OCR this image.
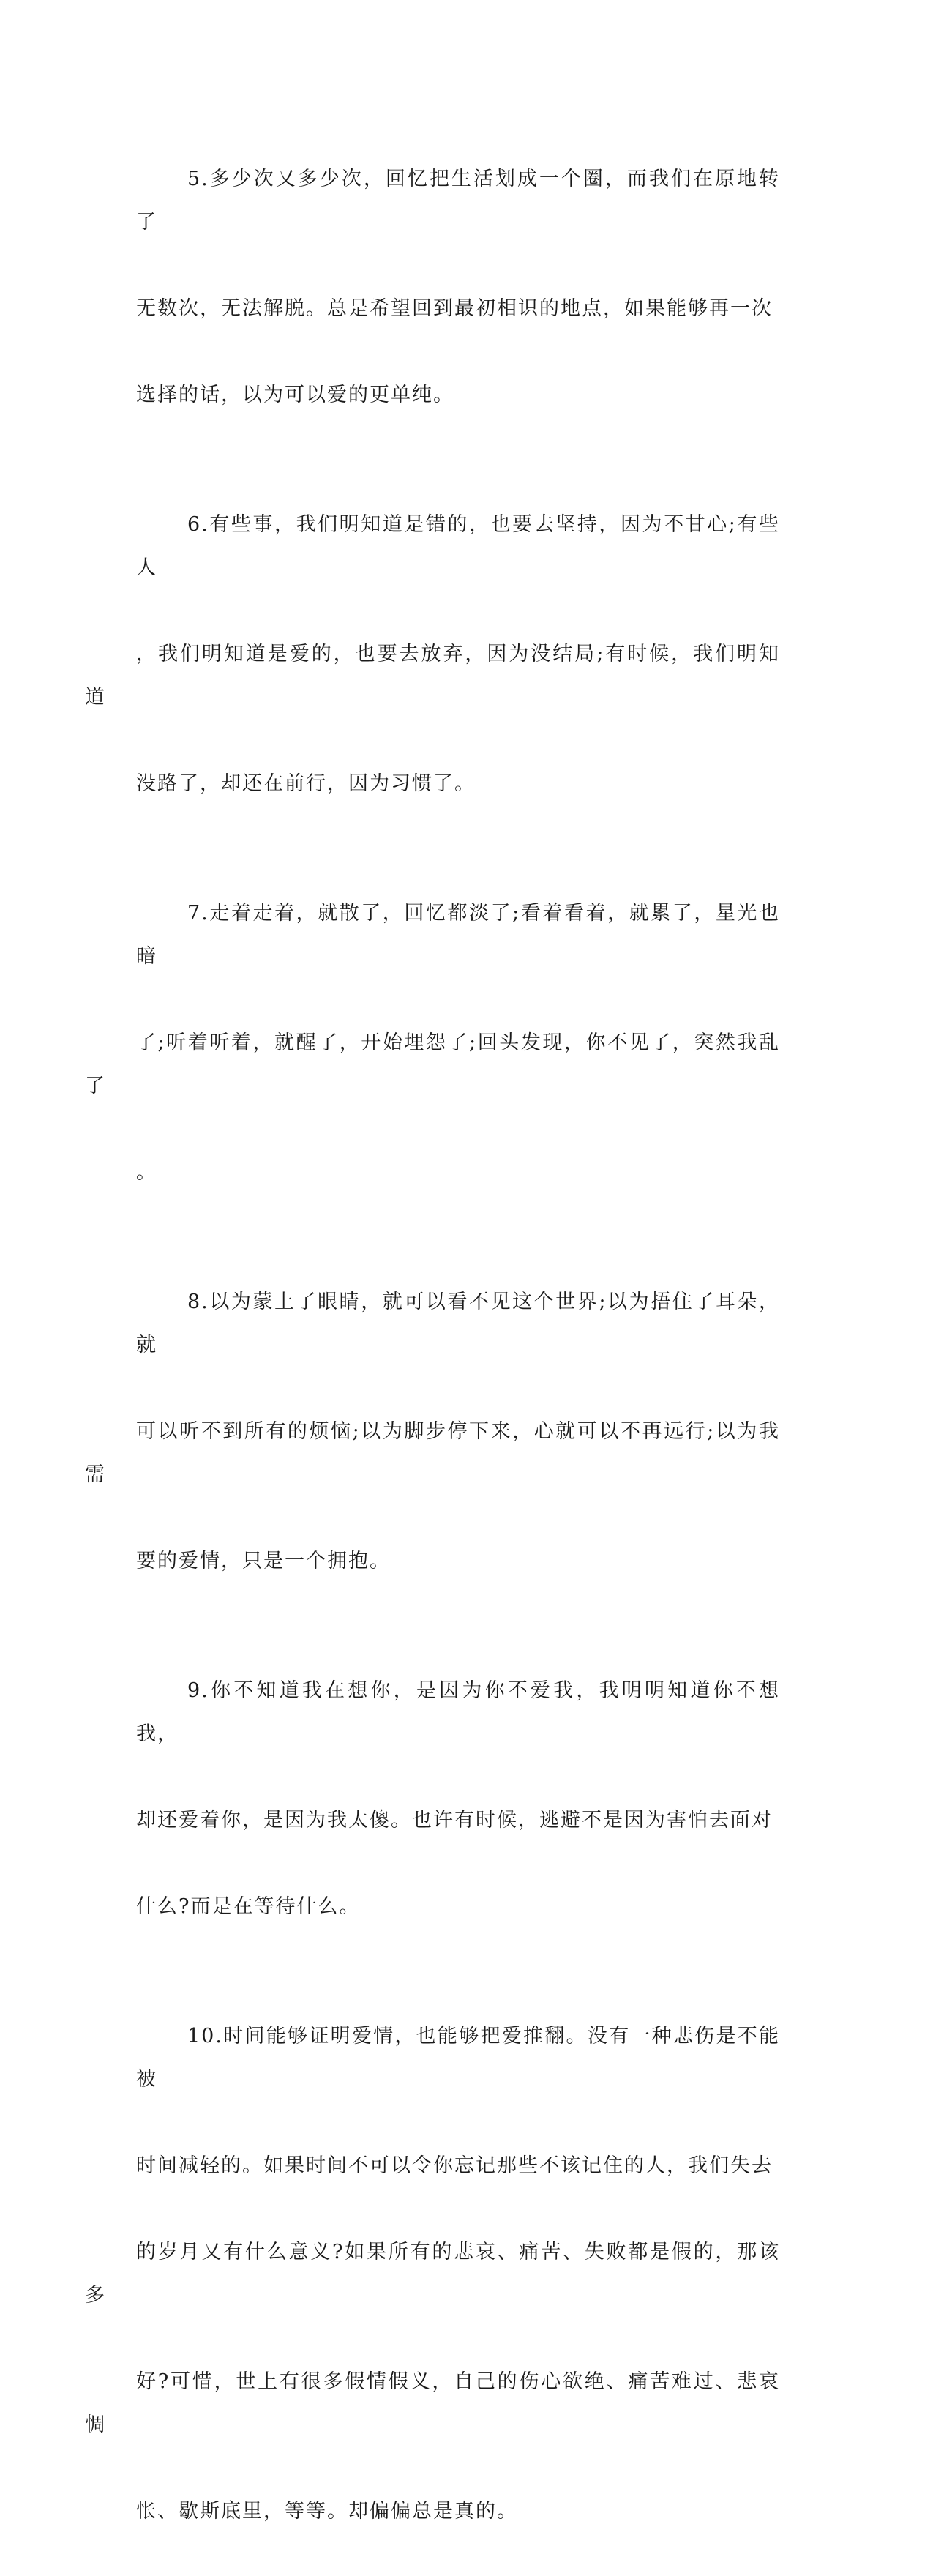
5.多少次又多少次，回忆把生活划成一个圈，而我们在原地转了

无数次，无法解脱。总是希望回到最初相识的地点，如果能够再一次

选择的话，以为可以爱的更单纯。

6.有些事，我们明知道是错的，也要去坚持，因为不甘心;有些人

，我们明知道是爱的，也要去放弃，因为没结局;有时候，我们明知道

没路了，却还在前行，因为习惯了。

7.走着走着，就散了，回忆都淡了;看着看着，就累了，星光也暗

了;听着听着，就醒了，开始埋怨了;回头发现，你不见了，突然我乱了

。

8.以为蒙上了眼睛，就可以看不见这个世界;以为捂住了耳朵，就

可以听不到所有的烦恼;以为脚步停下来，心就可以不再远行;以为我需

要的爱情，只是一个拥抱。

9.你不知道我在想你，是因为你不爱我，我明明知道你不想我，

却还爱着你，是因为我太傻。也许有时候，逃避不是因为害怕去面对

什么?而是在等待什么。

10.时间能够证明爱情，也能够把爱推翻。没有一种悲伤是不能被

时间减轻的。如果时间不可以令你忘记那些不该记住的人，我们失去

的岁月又有什么意义?如果所有的悲哀、痛苦、失败都是假的，那该多

好?可惜，世上有很多假情假义，自己的伤心欲绝、痛苦难过、悲哀惆

怅、歇斯底里，等等。却偏偏总是真的。
